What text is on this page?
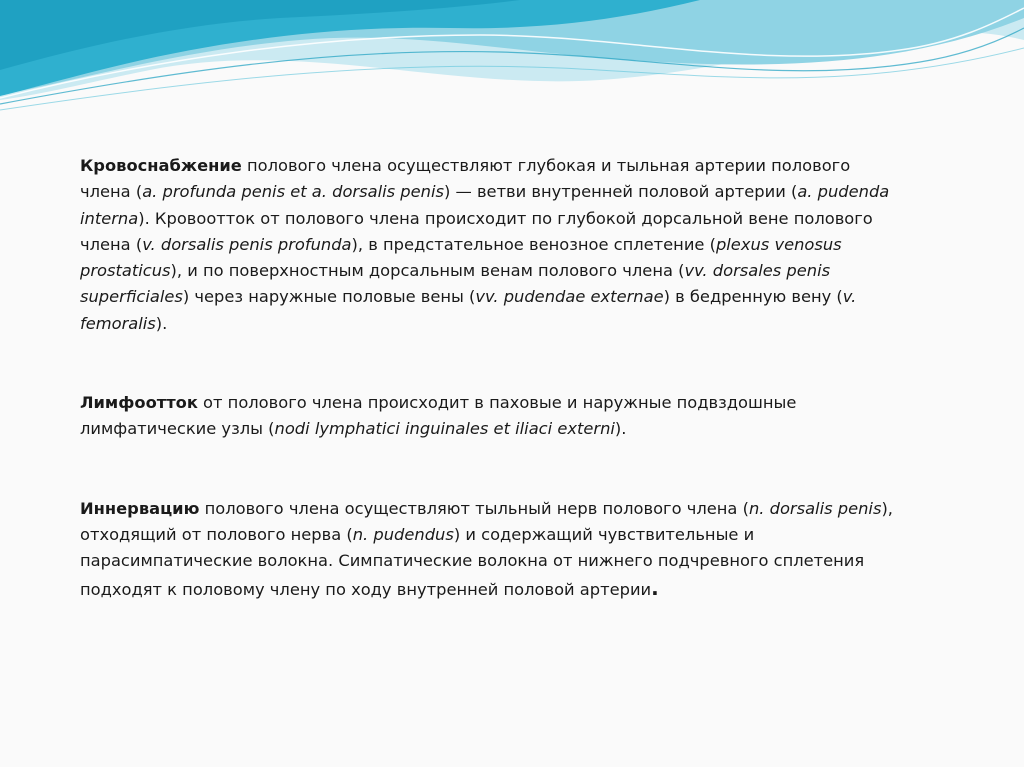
Кровоснабжение полового члена осуществляют глубокая и тыльная артерии полового члена (a. profunda penis et a. dorsalis penis) — ветви внутренней половой артерии (a. pudenda interna). Кровоотток от полового члена происходит по глубокой дорсальной вене полового члена (v. dorsalis penis profunda), в предстательное венозное сплетение (plexus venosus prostaticus), и по поверхностным дорсальным венам полового члена (vv. dorsales penis superficiales) через наружные половые вены (vv. pudendae externae) в бедренную вену (v. femoralis).

Лимфоотток от полового члена происходит в паховые и наружные подвздошные лимфатические узлы (nodi lymphatici inguinales et iliaci externi).

Иннервацию полового члена осуществляют тыльный нерв полового члена (n. dorsalis penis), отходящий от полового нерва (n. pudendus) и содержащий чувствительные и парасимпатические волокна. Симпатические волокна от нижнего подчревного сплетения подходят к половому члену по ходу внутренней половой артерии.
